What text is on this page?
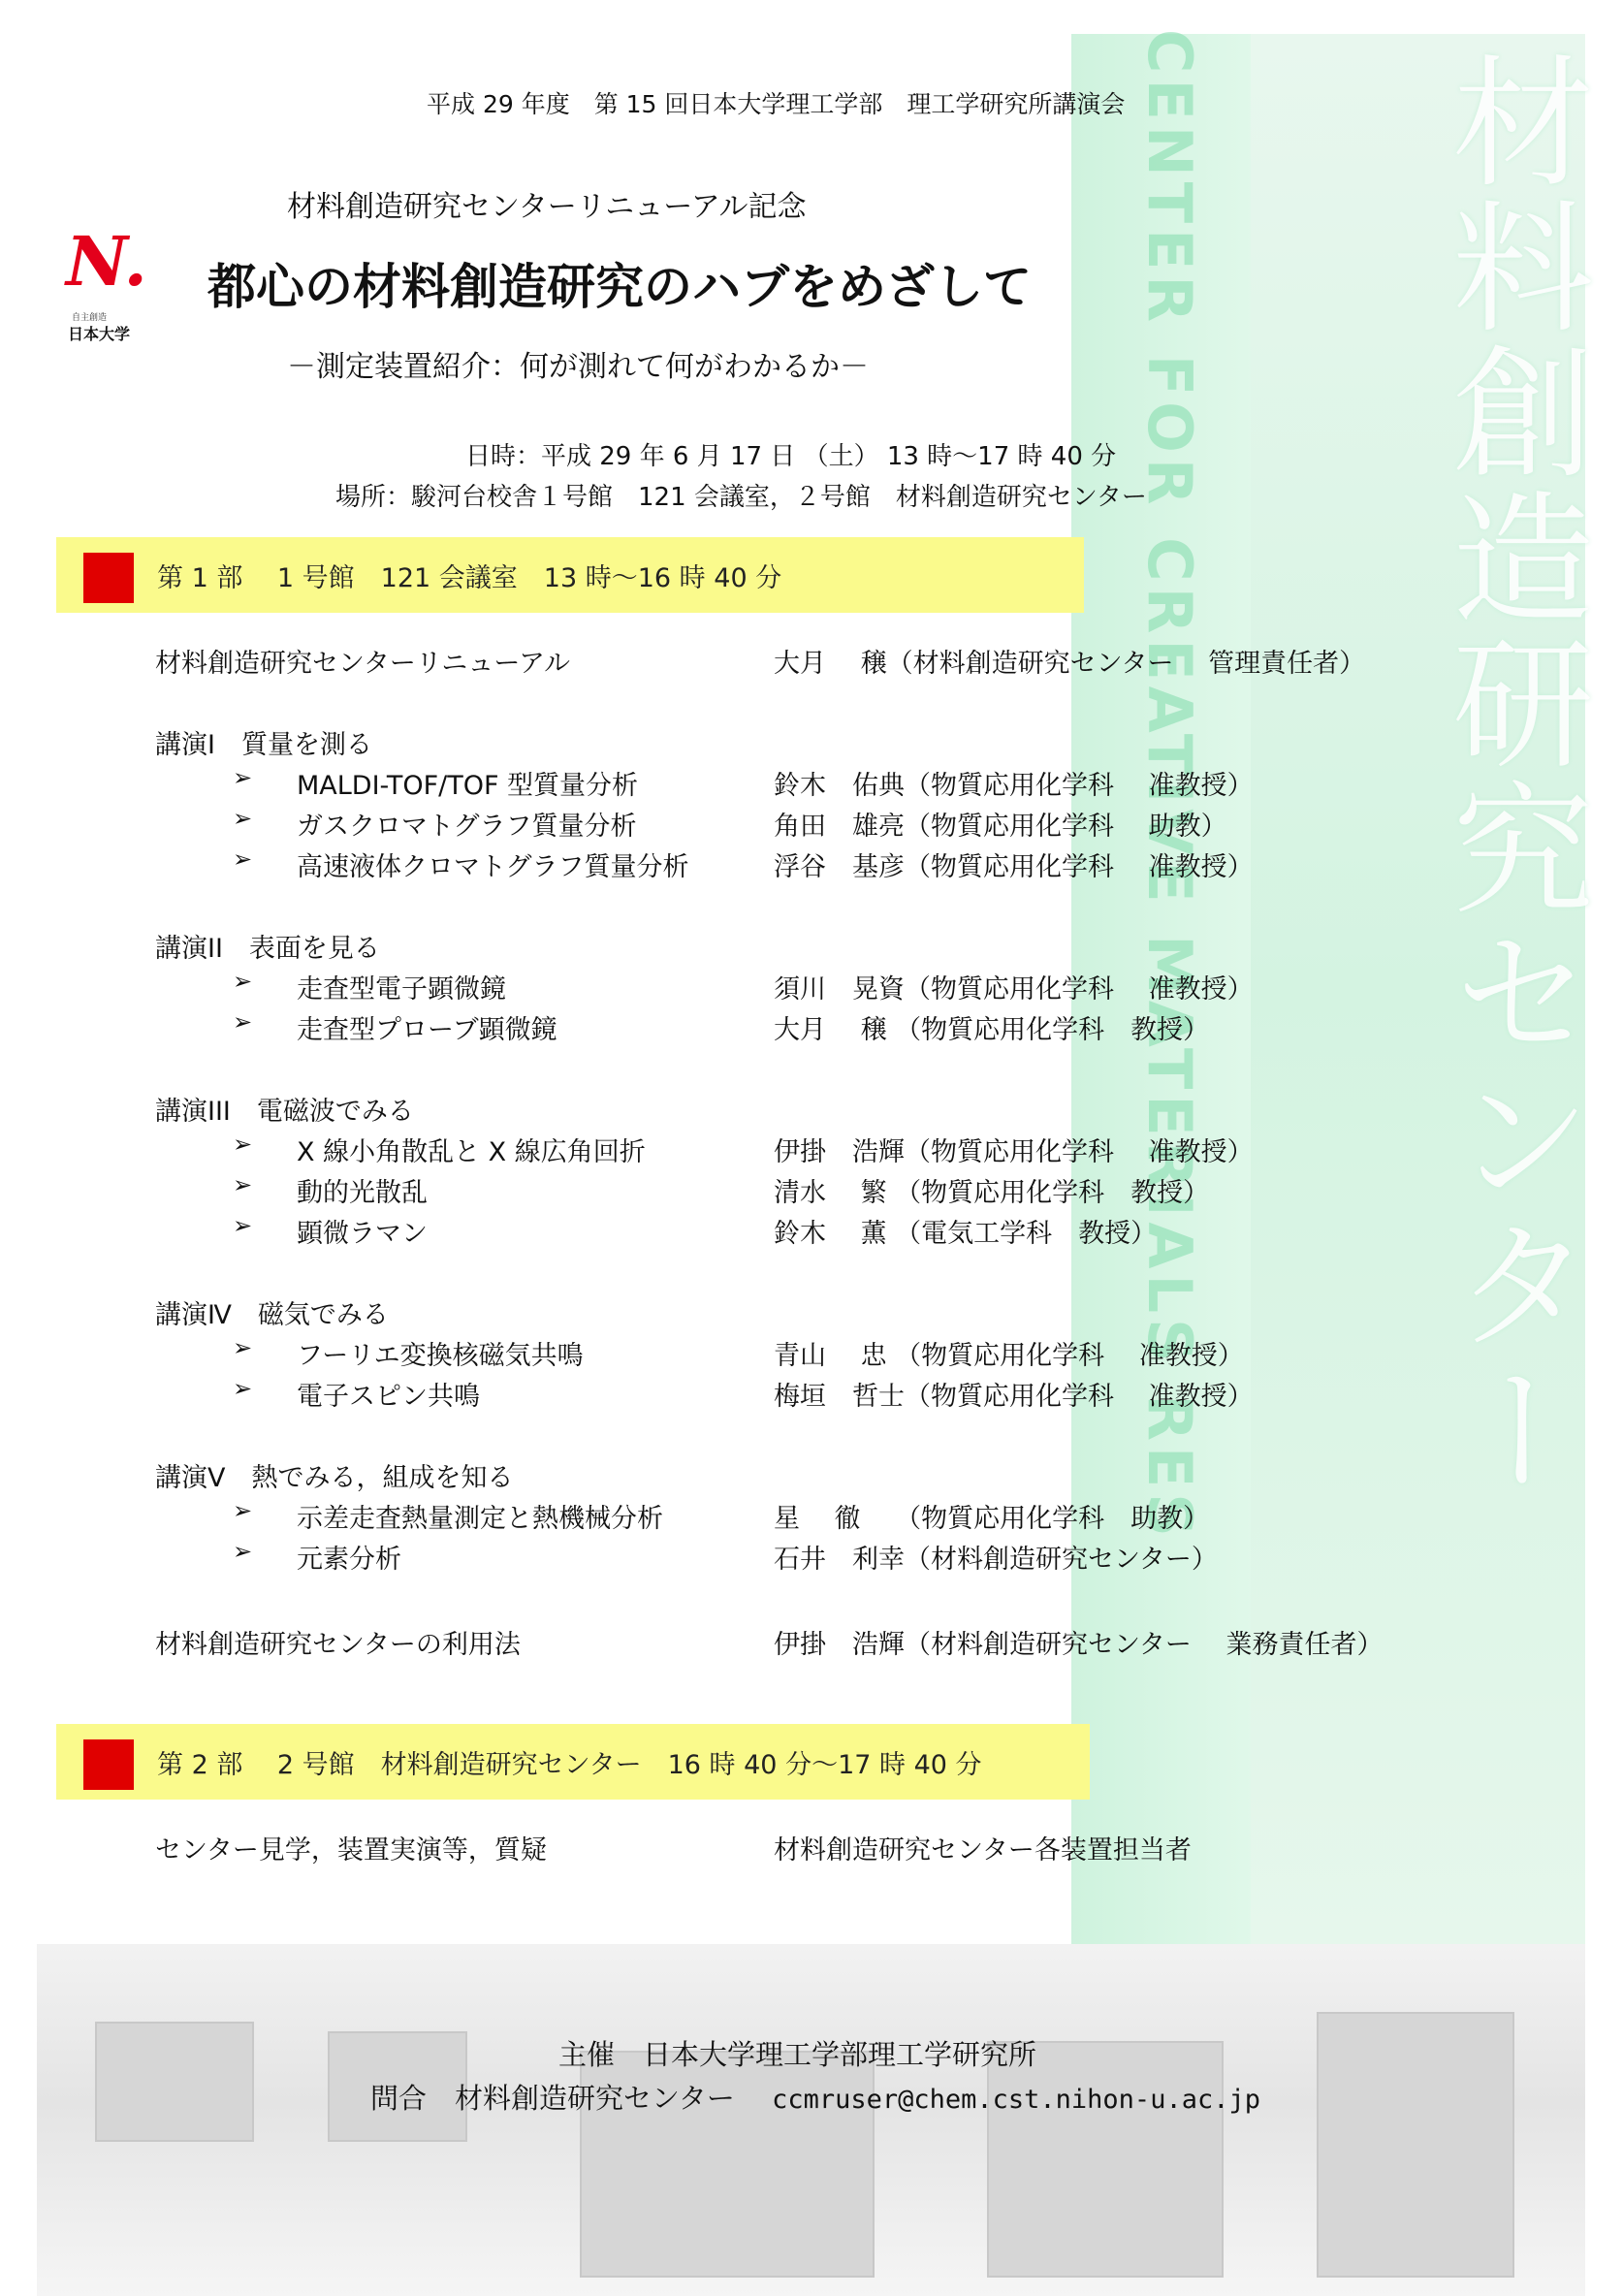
CENTER FOR CREATIVE MATERIALS RES 材料創造研究センター
平成 29 年度　第 15 回日本大学理工学部　理工学研究所講演会
材料創造研究センターリニューアル記念
N.
自主創造
日本大学
都心の材料創造研究のハブをめざして
－測定装置紹介：何が測れて何がわかるか－
日時：平成 29 年 6 月 17 日 （土） 13 時～17 時 40 分
場所：駿河台校舎１号館　121 会議室，２号館　材料創造研究センター
第 1 部　 1 号館　121 会議室　13 時～16 時 40 分
材料創造研究センターリニューアル	大月　 穣（材料創造研究センター　 管理責任者）
講演Ⅰ　質量を測る
➢ MALDI-TOF/TOF 型質量分析	鈴木　佑典（物質応用化学科　 准教授）
➢ ガスクロマトグラフ質量分析	角田　雄亮（物質応用化学科　 助教）
➢ 高速液体クロマトグラフ質量分析	浮谷　基彦（物質応用化学科　 准教授）
講演ⅠⅠ　表面を見る
➢ 走査型電子顕微鏡	須川　晃資（物質応用化学科　 准教授）
➢ 走査型プローブ顕微鏡	大月　 穣 （物質応用化学科　教授）
講演ⅠⅠⅠ　電磁波でみる
➢ X 線小角散乱と X 線広角回折	伊掛　浩輝（物質応用化学科　 准教授）
➢ 動的光散乱	清水　 繁 （物質応用化学科　教授）
➢ 顕微ラマン	鈴木　 薫 （電気工学科　教授）
講演Ⅳ　磁気でみる
➢ フーリエ変換核磁気共鳴	青山　 忠 （物質応用化学科　 准教授）
➢ 電子スピン共鳴	梅垣　哲士（物質応用化学科　 准教授）
講演Ⅴ　熱でみる，組成を知る
➢ 示差走査熱量測定と熱機械分析	星　 徹　 （物質応用化学科　助教）
➢ 元素分析	石井　利幸（材料創造研究センター）
材料創造研究センターの利用法	伊掛　浩輝（材料創造研究センター　 業務責任者）
第 2 部　 2 号館　材料創造研究センター　16 時 40 分～17 時 40 分
センター見学，装置実演等，質疑	材料創造研究センター各装置担当者
主催　日本大学理工学部理工学研究所
問合　材料創造研究センター　 ccmruser@chem.cst.nihon-u.ac.jp
